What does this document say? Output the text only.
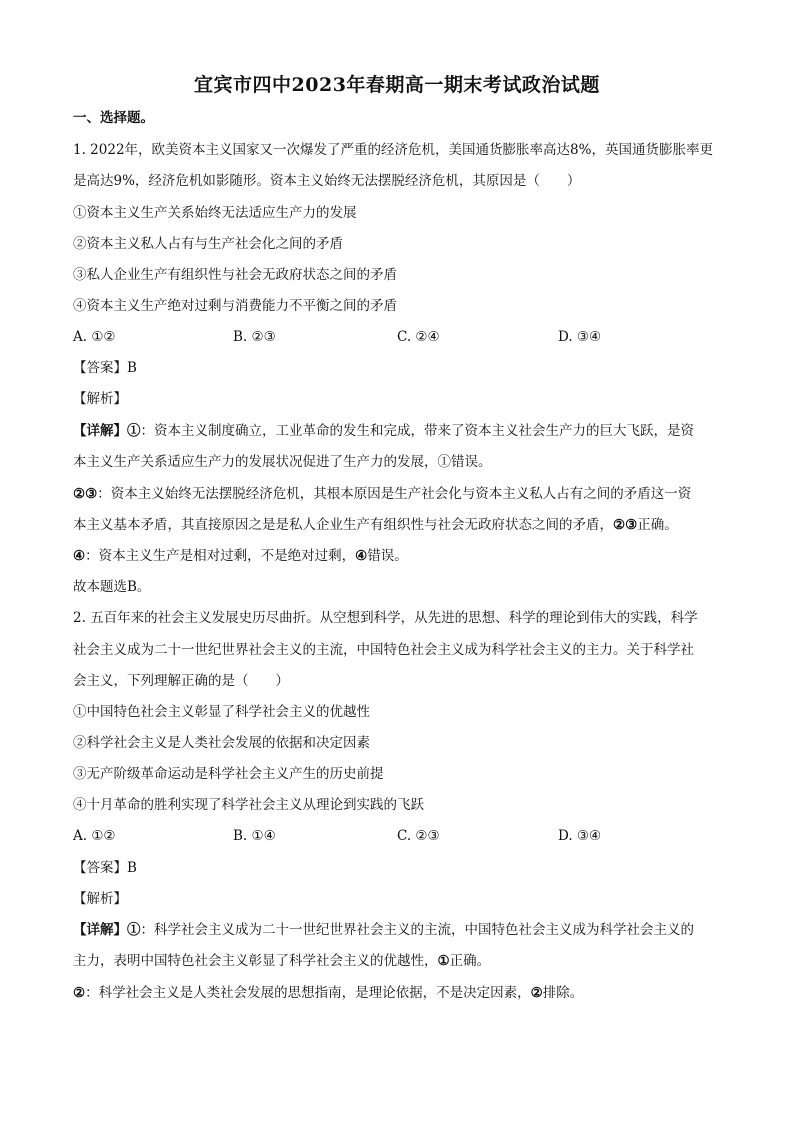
宜宾市四中2023年春期高一期末考试政治试题
一、选择题。
1. 2022年，欧美资本主义国家又一次爆发了严重的经济危机，美国通货膨胀率高达8%，英国通货膨胀率更
是高达9%，经济危机如影随形。资本主义始终无法摆脱经济危机，其原因是（　　）
①资本主义生产关系始终无法适应生产力的发展
②资本主义私人占有与生产社会化之间的矛盾
③私人企业生产有组织性与社会无政府状态之间的矛盾
④资本主义生产绝对过剩与消费能力不平衡之间的矛盾
A. ①②	B. ②③	C. ②④	D. ③④
【答案】B
【解析】
【详解】①：资本主义制度确立，工业革命的发生和完成，带来了资本主义社会生产力的巨大飞跃，是资
本主义生产关系适应生产力的发展状况促进了生产力的发展，①错误。
②③：资本主义始终无法摆脱经济危机，其根本原因是生产社会化与资本主义私人占有之间的矛盾这一资
本主义基本矛盾，其直接原因之是是私人企业生产有组织性与社会无政府状态之间的矛盾，②③正确。
④：资本主义生产是相对过剩，不是绝对过剩，④错误。
故本题选B。
2. 五百年来的社会主义发展史历尽曲折。从空想到科学，从先进的思想、科学的理论到伟大的实践，科学
社会主义成为二十一世纪世界社会主义的主流，中国特色社会主义成为科学社会主义的主力。关于科学社
会主义，下列理解正确的是（　　）
①中国特色社会主义彰显了科学社会主义的优越性
②科学社会主义是人类社会发展的依据和决定因素
③无产阶级革命运动是科学社会主义产生的历史前提
④十月革命的胜利实现了科学社会主义从理论到实践的飞跃
A. ①②	B. ①④	C. ②③	D. ③④
【答案】B
【解析】
【详解】①：科学社会主义成为二十一世纪世界社会主义的主流，中国特色社会主义成为科学社会主义的
主力，表明中国特色社会主义彰显了科学社会主义的优越性，①正确。
②：科学社会主义是人类社会发展的思想指南，是理论依据，不是决定因素，②排除。
